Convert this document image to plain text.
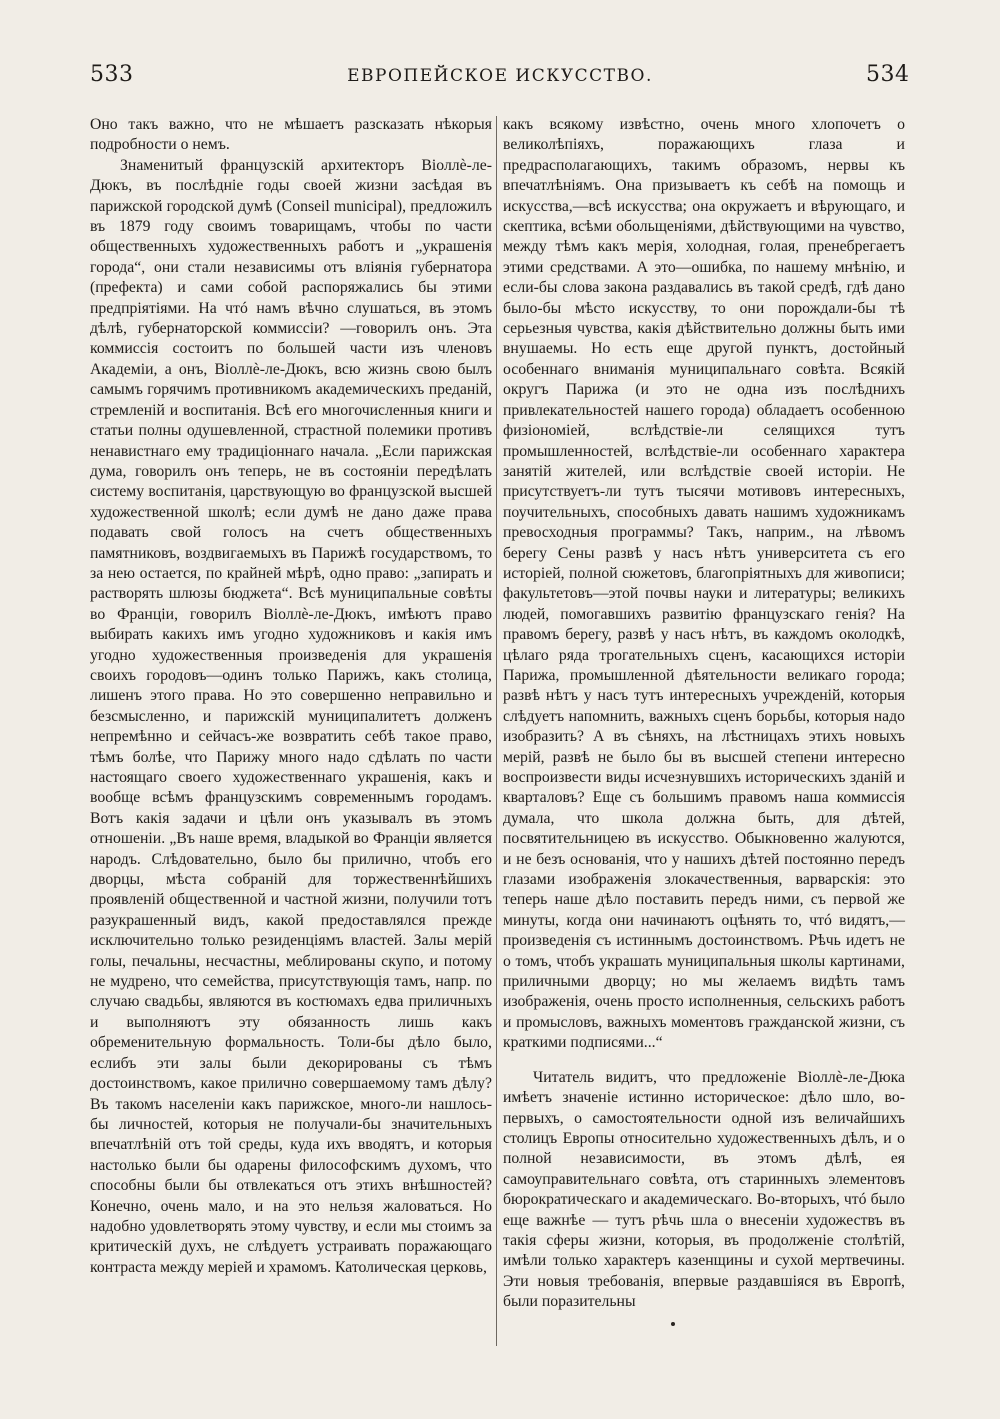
533	ЕВРОПЕЙСКОЕ ИСКУССТВО.	534

Оно такъ важно, что не мѣшаетъ разсказать нѣкорыя подробности о немъ.

Знаменитый французскій архитекторъ Віоллѐ-ле-Дюкъ, въ послѣдніе годы своей жизни засѣдая въ парижской городской думѣ (Conseil municipal), предложилъ въ 1879 году своимъ товарищамъ, чтобы по части общественныхъ художественныхъ работъ и „украшенія города“, они стали независимы отъ вліянія губернатора (префекта) и сами собой распоряжались бы этими предпріятіями. На чтó намъ вѣчно слушаться, въ этомъ дѣлѣ, губернаторской коммиссіи? —говорилъ онъ. Эта коммиссія состоитъ по большей части изъ членовъ Академіи, а онъ, Віоллѐ-ле-Дюкъ, всю жизнь свою былъ самымъ горячимъ противникомъ академическихъ преданій, стремленій и воспитанія. Всѣ его многочисленныя книги и статьи полны одушевленной, страстной полемики противъ ненавистнаго ему традиціоннаго начала. „Если парижская дума, говорилъ онъ теперь, не въ состояніи передѣлать систему воспитанія, царствующую во французской высшей художественной школѣ; если думѣ не дано даже права подавать свой голосъ на счетъ общественныхъ памятниковъ, воздвигаемыхъ въ Парижѣ государствомъ, то за нею остается, по крайней мѣрѣ, одно право: „запирать и растворять шлюзы бюджета“. Всѣ муниципальные совѣты во Франціи, говорилъ Віоллѐ-ле-Дюкъ, имѣютъ право выбирать какихъ имъ угодно художниковъ и какія имъ угодно художественныя произведенія для украшенія своихъ городовъ—одинъ только Парижъ, какъ столица, лишенъ этого права. Но это совершенно неправильно и безсмысленно, и парижскій муниципалитетъ долженъ непремѣнно и сейчасъ-же возвратить себѣ такое право, тѣмъ болѣе, что Парижу много надо сдѣлать по части настоящаго своего художественнаго украшенія, какъ и вообще всѣмъ французскимъ современнымъ городамъ. Вотъ какія задачи и цѣли онъ указывалъ въ этомъ отношеніи. „Въ наше время, владыкой во Франціи является народъ. Слѣдовательно, было бы прилично, чтобъ его дворцы, мѣста собраній для торжественнѣйшихъ проявленій общественной и частной жизни, получили тотъ разукрашенный видъ, какой предоставлялся прежде исключительно только резиденціямъ властей. Залы мерій голы, печальны, несчастны, меблированы скупо, и потому не мудрено, что семейства, присутствующія тамъ, напр. по случаю свадьбы, являются въ костюмахъ едва приличныхъ и выполняютъ эту обязанность лишь какъ обременительную формальность. Толи-бы дѣло было, еслибъ эти залы были декорированы съ тѣмъ достоинствомъ, какое прилично совершаемому тамъ дѣлу? Въ такомъ населеніи какъ парижское, много-ли нашлось-бы личностей, которыя не получали-бы значительныхъ впечатлѣній отъ той среды, куда ихъ вводятъ, и которыя настолько были бы одарены философскимъ духомъ, что способны были бы отвлекаться отъ этихъ внѣшностей? Конечно, очень мало, и на это нельзя жаловаться. Но надобно удовлетворять этому чувству, и если мы стоимъ за критическій духъ, не слѣдуетъ устраивать поражающаго контраста между меріей и храмомъ. Католическая церковь,

какъ всякому извѣстно, очень много хлопочетъ о великолѣпіяхъ, поражающихъ глаза и предрасполагающихъ, такимъ образомъ, нервы къ впечатлѣніямъ. Она призываетъ къ себѣ на помощь и искусства,—всѣ искусства; она окружаетъ и вѣрующаго, и скептика, всѣми обольщеніями, дѣйствующими на чувство, между тѣмъ какъ мерія, холодная, голая, пренебрегаетъ этими средствами. А это—ошибка, по нашему мнѣнію, и если-бы слова закона раздавались въ такой средѣ, гдѣ дано было-бы мѣсто искусству, то они порождали-бы тѣ серьезныя чувства, какія дѣйствительно должны быть ими внушаемы. Но есть еще другой пунктъ, достойный особеннаго вниманія муниципальнаго совѣта. Всякій округъ Парижа (и это не одна изъ послѣднихъ привлекательностей нашего города) обладаетъ особенною физіономіей, вслѣдствіе-ли селящихся тутъ промышленностей, вслѣдствіе-ли особеннаго характера занятій жителей, или вслѣдствіе своей исторіи. Не присутствуетъ-ли тутъ тысячи мотивовъ интересныхъ, поучительныхъ, способныхъ давать нашимъ художникамъ превосходныя программы? Такъ, наприм., на лѣвомъ берегу Сены развѣ у насъ нѣтъ университета съ его исторіей, полной сюжетовъ, благопріятныхъ для живописи; факультетовъ—этой почвы науки и литературы; великихъ людей, помогавшихъ развитію французскаго генія? На правомъ берегу, развѣ у насъ нѣтъ, въ каждомъ околодкѣ, цѣлаго ряда трогательныхъ сценъ, касающихся исторіи Парижа, промышленной дѣятельности великаго города; развѣ нѣтъ у насъ тутъ интересныхъ учрежденій, которыя слѣдуетъ напомнить, важныхъ сценъ борьбы, которыя надо изобразить? А въ сѣняхъ, на лѣстницахъ этихъ новыхъ мерій, развѣ не было бы въ высшей степени интересно воспроизвести виды исчезнувшихъ историческихъ зданій и кварталовъ? Еще съ большимъ правомъ наша коммиссія думала, что школа должна быть, для дѣтей, посвятительницею въ искусство. Обыкновенно жалуются, и не безъ основанія, что у нашихъ дѣтей постоянно передъ глазами изображенія злокачественныя, варварскія: это теперь наше дѣло поставить передъ ними, съ первой же минуты, когда они начинаютъ оцѣнять то, чтó видятъ,—произведенія съ истиннымъ достоинствомъ. Рѣчь идетъ не о томъ, чтобъ украшать муниципальныя школы картинами, приличными дворцу; но мы желаемъ видѣть тамъ изображенія, очень просто исполненныя, сельскихъ работъ и промысловъ, важныхъ моментовъ гражданской жизни, съ краткими подписями...“

Читатель видитъ, что предложеніе Віоллѐ-ле-Дюка имѣетъ значеніе истинно историческое: дѣло шло, во-первыхъ, о самостоятельности одной изъ величайшихъ столицъ Европы относительно художественныхъ дѣлъ, и о полной независимости, въ этомъ дѣлѣ, ея самоуправительнаго совѣта, отъ старинныхъ элементовъ бюрократическаго и академическаго. Во-вторыхъ, чтó было еще важнѣе — тутъ рѣчь шла о внесеніи художествъ въ такія сферы жизни, которыя, въ продолженіе столѣтій, имѣли только характеръ казенщины и сухой мертвечины. Эти новыя требованія, впервые раздавшіяся въ Европѣ, были поразительны
